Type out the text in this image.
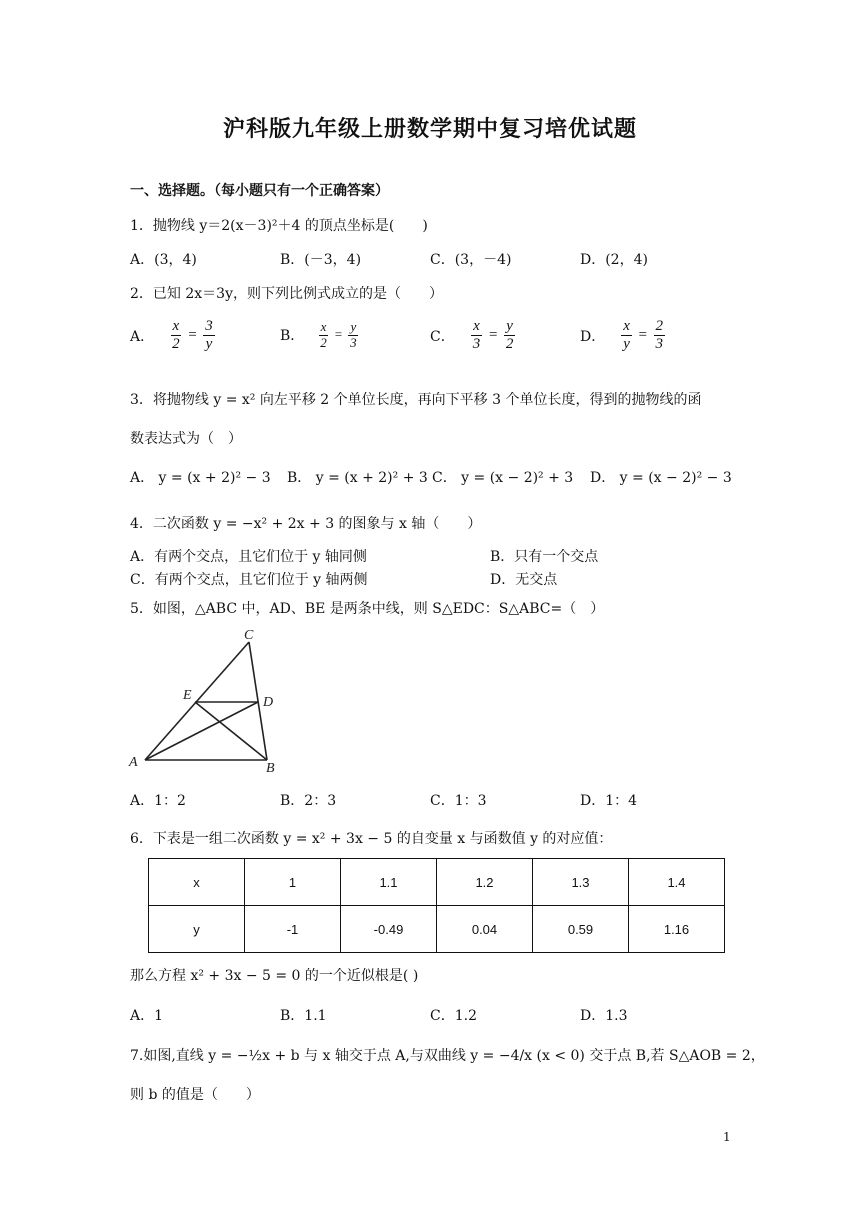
沪科版九年级上册数学期中复习培优试题
一、选择题。（每小题只有一个正确答案）
1．抛物线 y＝2(x－3)²＋4 的顶点坐标是(　　)
A．(3，4)	B．(－3，4)	C．(3，－4)	D．(2，4)
2．已知 2x＝3y，则下列比例式成立的是（　　）
A． $\frac{x}{2} = \frac{3}{y}$	B． $\frac{x}{2} = \frac{y}{3}$	C． $\frac{x}{3} = \frac{y}{2}$	D． $\frac{x}{y} = \frac{2}{3}$
3．将抛物线 y = x² 向左平移 2 个单位长度，再向下平移 3 个单位长度，得到的抛物线的函
数表达式为（　）
A． y = (x + 2)² − 3 B． y = (x + 2)² + 3 C． y = (x − 2)² + 3 D． y = (x − 2)² − 3
4．二次函数 y = −x² + 2x + 3 的图象与 x 轴（　　）
A．有两个交点，且它们位于 y 轴同侧	B．只有一个交点
C．有两个交点，且它们位于 y 轴两侧	D．无交点
5．如图，△ABC 中，AD、BE 是两条中线，则 S△EDC：S△ABC=（　）
C
E	D
A	B
A．1：2	B．2：3	C．1：3	D．1：4
6．下表是一组二次函数 y = x² + 3x − 5 的自变量 x 与函数值 y 的对应值：
x	1	1.1	1.2	1.3	1.4
y	-1	-0.49	0.04	0.59	1.16
那么方程 x² + 3x − 5 = 0 的一个近似根是( )
A．1	B．1.1	C．1.2	D．1.3
7.如图,直线 y = −½x + b 与 x 轴交于点 A,与双曲线 y = −4/x (x < 0) 交于点 B,若 S△AOB = 2，
则 b 的值是（　　）
1
